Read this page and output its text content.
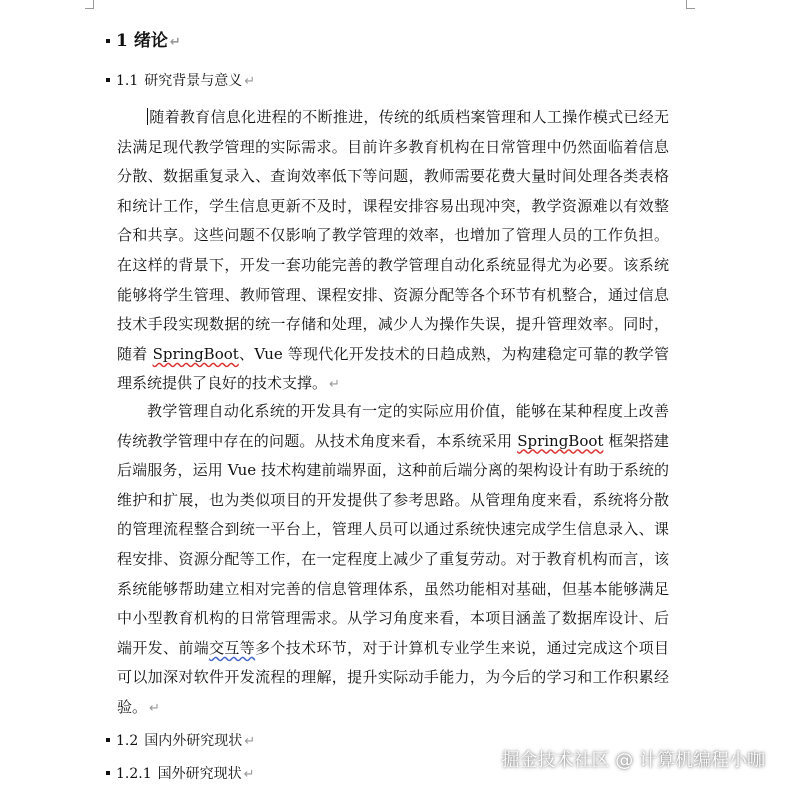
1 绪论 ↵
1.1 研究背景与意义 ↵

随着教育信息化进程的不断推进，传统的纸质档案管理和人工操作模式已经无法满足现代教学管理的实际需求。目前许多教育机构在日常管理中仍然面临着信息分散、数据重复录入、查询效率低下等问题，教师需要花费大量时间处理各类表格和统计工作，学生信息更新不及时，课程安排容易出现冲突，教学资源难以有效整合和共享。这些问题不仅影响了教学管理的效率，也增加了管理人员的工作负担。在这样的背景下，开发一套功能完善的教学管理自动化系统显得尤为必要。该系统能够将学生管理、教师管理、课程安排、资源分配等各个环节有机整合，通过信息技术手段实现数据的统一存储和处理，减少人为操作失误，提升管理效率。同时，随着 SpringBoot、Vue 等现代化开发技术的日趋成熟，为构建稳定可靠的教学管理系统提供了良好的技术支撑。 ↵

教学管理自动化系统的开发具有一定的实际应用价值，能够在某种程度上改善传统教学管理中存在的问题。从技术角度来看，本系统采用 SpringBoot 框架搭建后端服务，运用 Vue 技术构建前端界面，这种前后端分离的架构设计有助于系统的维护和扩展，也为类似项目的开发提供了参考思路。从管理角度来看，系统将分散的管理流程整合到统一平台上，管理人员可以通过系统快速完成学生信息录入、课程安排、资源分配等工作，在一定程度上减少了重复劳动。对于教育机构而言，该系统能够帮助建立相对完善的信息管理体系，虽然功能相对基础，但基本能够满足中小型教育机构的日常管理需求。从学习角度来看，本项目涵盖了数据库设计、后端开发、前端交互等多个技术环节，对于计算机专业学生来说，通过完成这个项目可以加深对软件开发流程的理解，提升实际动手能力，为今后的学习和工作积累经验。 ↵

1.2 国内外研究现状 ↵
1.2.1 国外研究现状 ↵
掘金技术社区 @ 计算机编程小咖
